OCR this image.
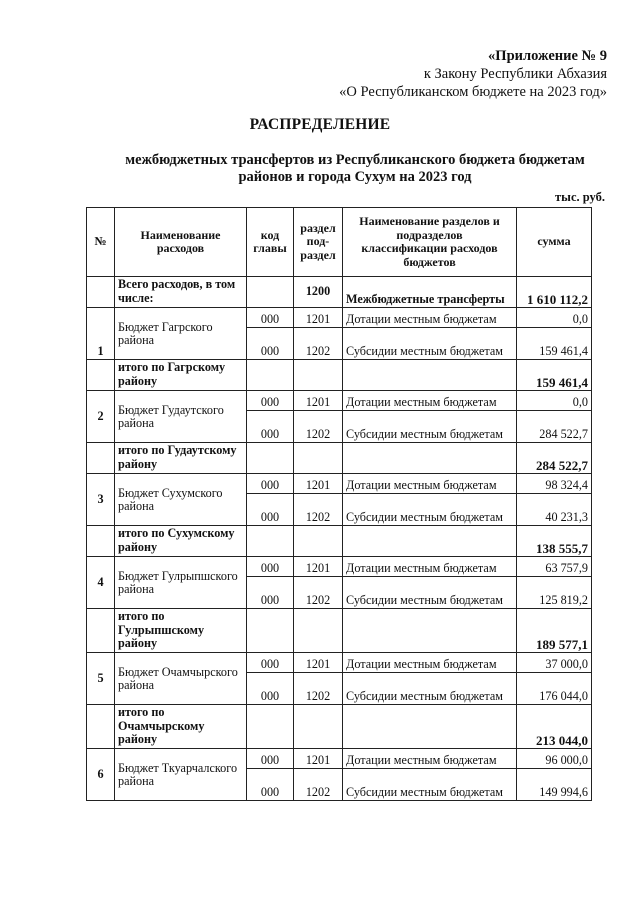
«Приложение № 9
к Закону Республики Абхазия
«О Республиканском бюджете на 2023 год»
РАСПРЕДЕЛЕНИЕ
межбюджетных трансфертов из Республиканского бюджета бюджетам
районов и города Сухум на 2023 год
тыс. руб.
№	Наименование расходов	код главы	раздел под-раздел	Наименование разделов и подразделов классификации расходов бюджетов	сумма
	Всего расходов, в том числе:		1200	Межбюджетные трансферты	1 610 112,2
1	Бюджет Гагрского района	000	1201	Дотации местным бюджетам	0,0
		000	1202	Субсидии местным бюджетам	159 461,4
	итого по Гагрскому району				159 461,4
2	Бюджет Гудаутского района	000	1201	Дотации местным бюджетам	0,0
		000	1202	Субсидии местным бюджетам	284 522,7
	итого по Гудаутскому району				284 522,7
3	Бюджет Сухумского района	000	1201	Дотации местным бюджетам	98 324,4
		000	1202	Субсидии местным бюджетам	40 231,3
	итого по Сухумскому району				138 555,7
4	Бюджет Гулрыпшского района	000	1201	Дотации местным бюджетам	63 757,9
		000	1202	Субсидии местным бюджетам	125 819,2
	итого по Гулрыпшскому району				189 577,1
5	Бюджет Очамчырского района	000	1201	Дотации местным бюджетам	37 000,0
		000	1202	Субсидии местным бюджетам	176 044,0
	итого по Очамчырскому району				213 044,0
6	Бюджет Ткуарчалского района	000	1201	Дотации местным бюджетам	96 000,0
		000	1202	Субсидии местным бюджетам	149 994,6
